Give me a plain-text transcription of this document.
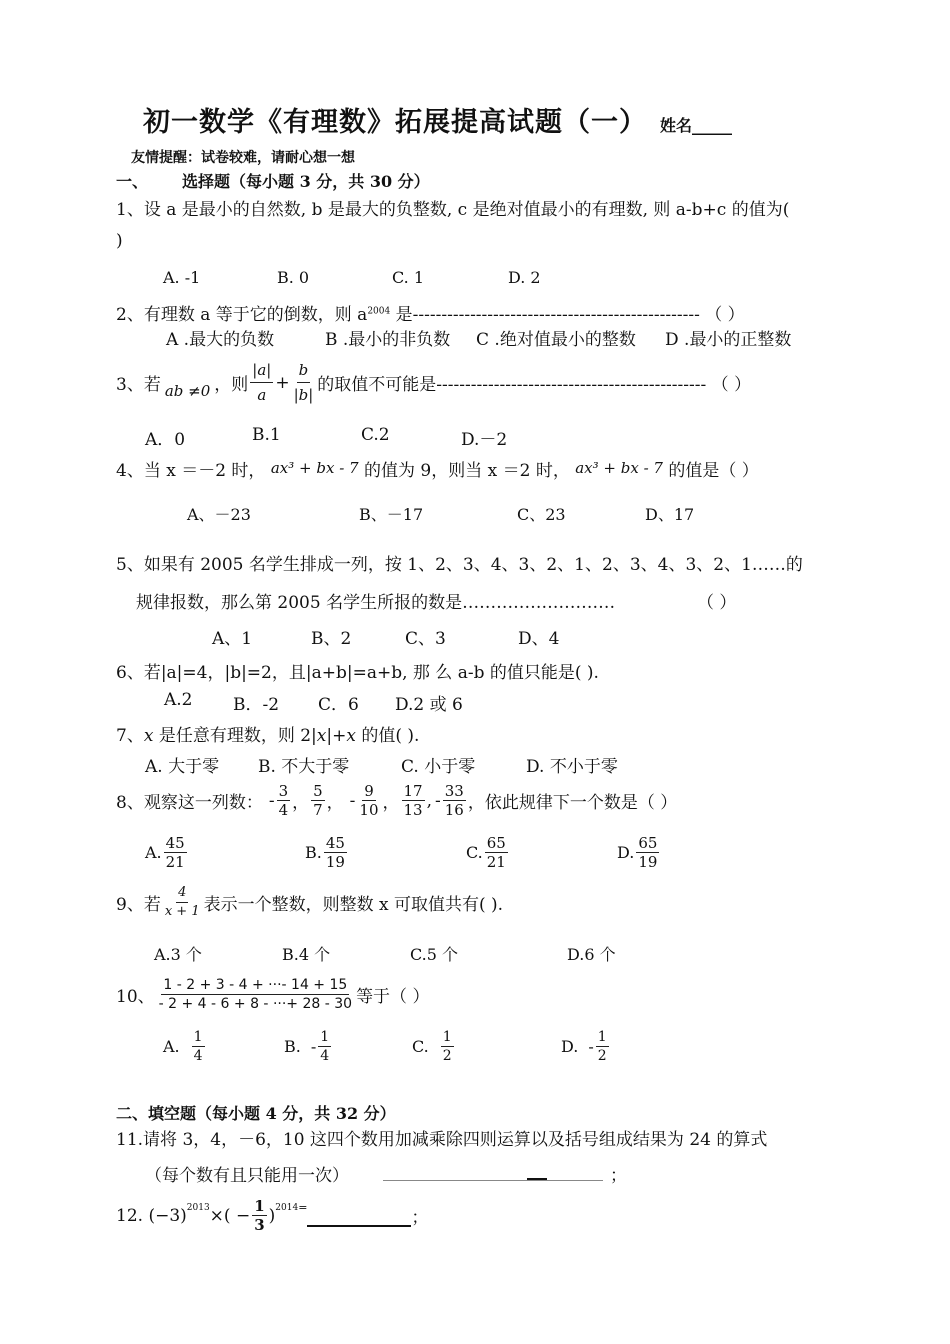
初一数学《有理数》拓展提高试题（一） 姓名_____
友情提醒：试卷较难，请耐心想一想
一、 选择题（每小题 3 分，共 30 分）
1、设 a 是最小的自然数, b 是最大的负整数, c 是绝对值最小的有理数, 则 a-b+c 的值为(
)
A. -1	B. 0	C. 1	D. 2
2、有理数 a 等于它的倒数，则 $a^{2004}$ 是-------------------------------------------------- （ ）
A .最大的负数	B .最小的非负数 C .绝对值最小的整数 D .最小的正整数
3、若 ab ≠0 ，则 $\frac{|a|}{a} + \frac{b}{|b|}$ 的取值不可能是----------------------------------------------- （ ）
A．0	B.1	C.2	D.－2
4、当 x ＝－2 时， ax³ + bx - 7 的值为 9，则当 x ＝2 时， ax³ + bx - 7 的值是（ ）
A、－23	B、－17	C、23	D、17
5、如果有 2005 名学生排成一列，按 1、2、3、4、3、2、1、2、3、4、3、2、1……的
规律报数，那么第 2005 名学生所报的数是………………………	（ ）
A、1	B、2	C、3	D、4
6、若|a|=4，|b|=2，且|a+b|=a+b, 那 么 a-b 的值只能是( ).
A.2 B．-2 C．6 D.2 或 6
7、x 是任意有理数，则 2|x|+x 的值( ).
A. 大于零 B. 不大于零	C. 小于零	D. 不小于零
8、观察这一列数： - $\frac{3}{4}$ ， $\frac{5}{7}$ ， - $\frac{9}{10}$ ， $\frac{17}{13}$ , - $\frac{33}{16}$ ，依此规律下一个数是（ ）
A. $\frac{45}{21}$	B. $\frac{45}{19}$	C. $\frac{65}{21}$	D. $\frac{65}{19}$
9、若 $\frac{4}{x + 1}$ 表示一个整数，则整数 x 可取值共有( ).
A.3 个	B.4 个	C.5 个	D.6 个
10、 $\frac{1 - 2 + 3 - 4 + \cdot\cdot\cdot- 14 + 15}{- 2 + 4 - 6 + 8 - \cdot\cdot\cdot+ 28 - 30}$ 等于（ ）
A. $\frac{1}{4}$	B. - $\frac{1}{4}$	C. $\frac{1}{2}$	D. - $\frac{1}{2}$
二、填空题（每小题 4 分，共 32 分）
11.请将 3，4，－6，10 这四个数用加减乘除四则运算以及括号组成结果为 24 的算式
（每个数有且只能用一次）	；
12. $(-3)^{2013}$ ×( − $\frac{1}{3} )^{2014}$ =
；
